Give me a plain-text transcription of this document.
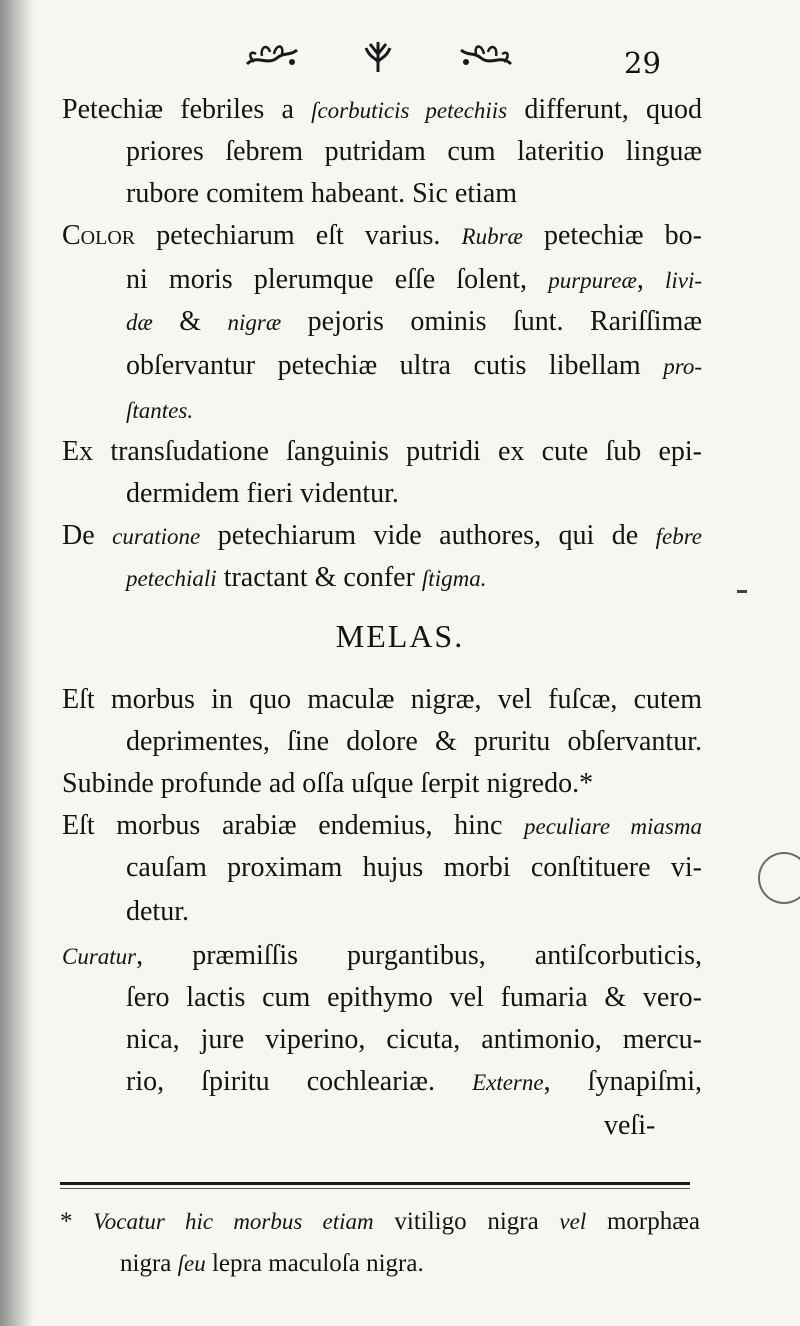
29
Petechiæ febriles a ſcorbuticis petechiis differunt, quod
priores ſebrem putridam cum lateritio linguæ
rubore comitem habeant. Sic etiam
Color petechiarum eſt varius. Rubræ petechiæ bo-
ni moris plerumque eſſe ſolent, purpureæ, livi-
dæ & nigræ pejoris ominis ſunt. Rariſſimæ
obſervantur petechiæ ultra cutis libellam pro-
ſtantes.
Ex transſudatione ſanguinis putridi ex cute ſub epi-
dermidem fieri videntur.
De curatione petechiarum vide authores, qui de febre
petechiali tractant & confer ſtigma.
MELAS.
Eſt morbus in quo maculæ nigræ, vel fuſcæ, cutem
deprimentes, ſine dolore & pruritu obſervantur.
Subinde profunde ad oſſa uſque ſerpit nigredo.*
Eſt morbus arabiæ endemius, hinc peculiare miasma
cauſam proximam hujus morbi conſtituere vi-
detur.
Curatur, præmiſſis purgantibus, antiſcorbuticis,
ſero lactis cum epithymo vel fumaria & vero-
nica, jure viperino, cicuta, antimonio, mercu-
rio, ſpiritu cochleariæ. Externe, ſynapiſmi,
veſi-
* Vocatur hic morbus etiam vitiligo nigra vel morphæa
nigra ſeu lepra maculoſa nigra.
